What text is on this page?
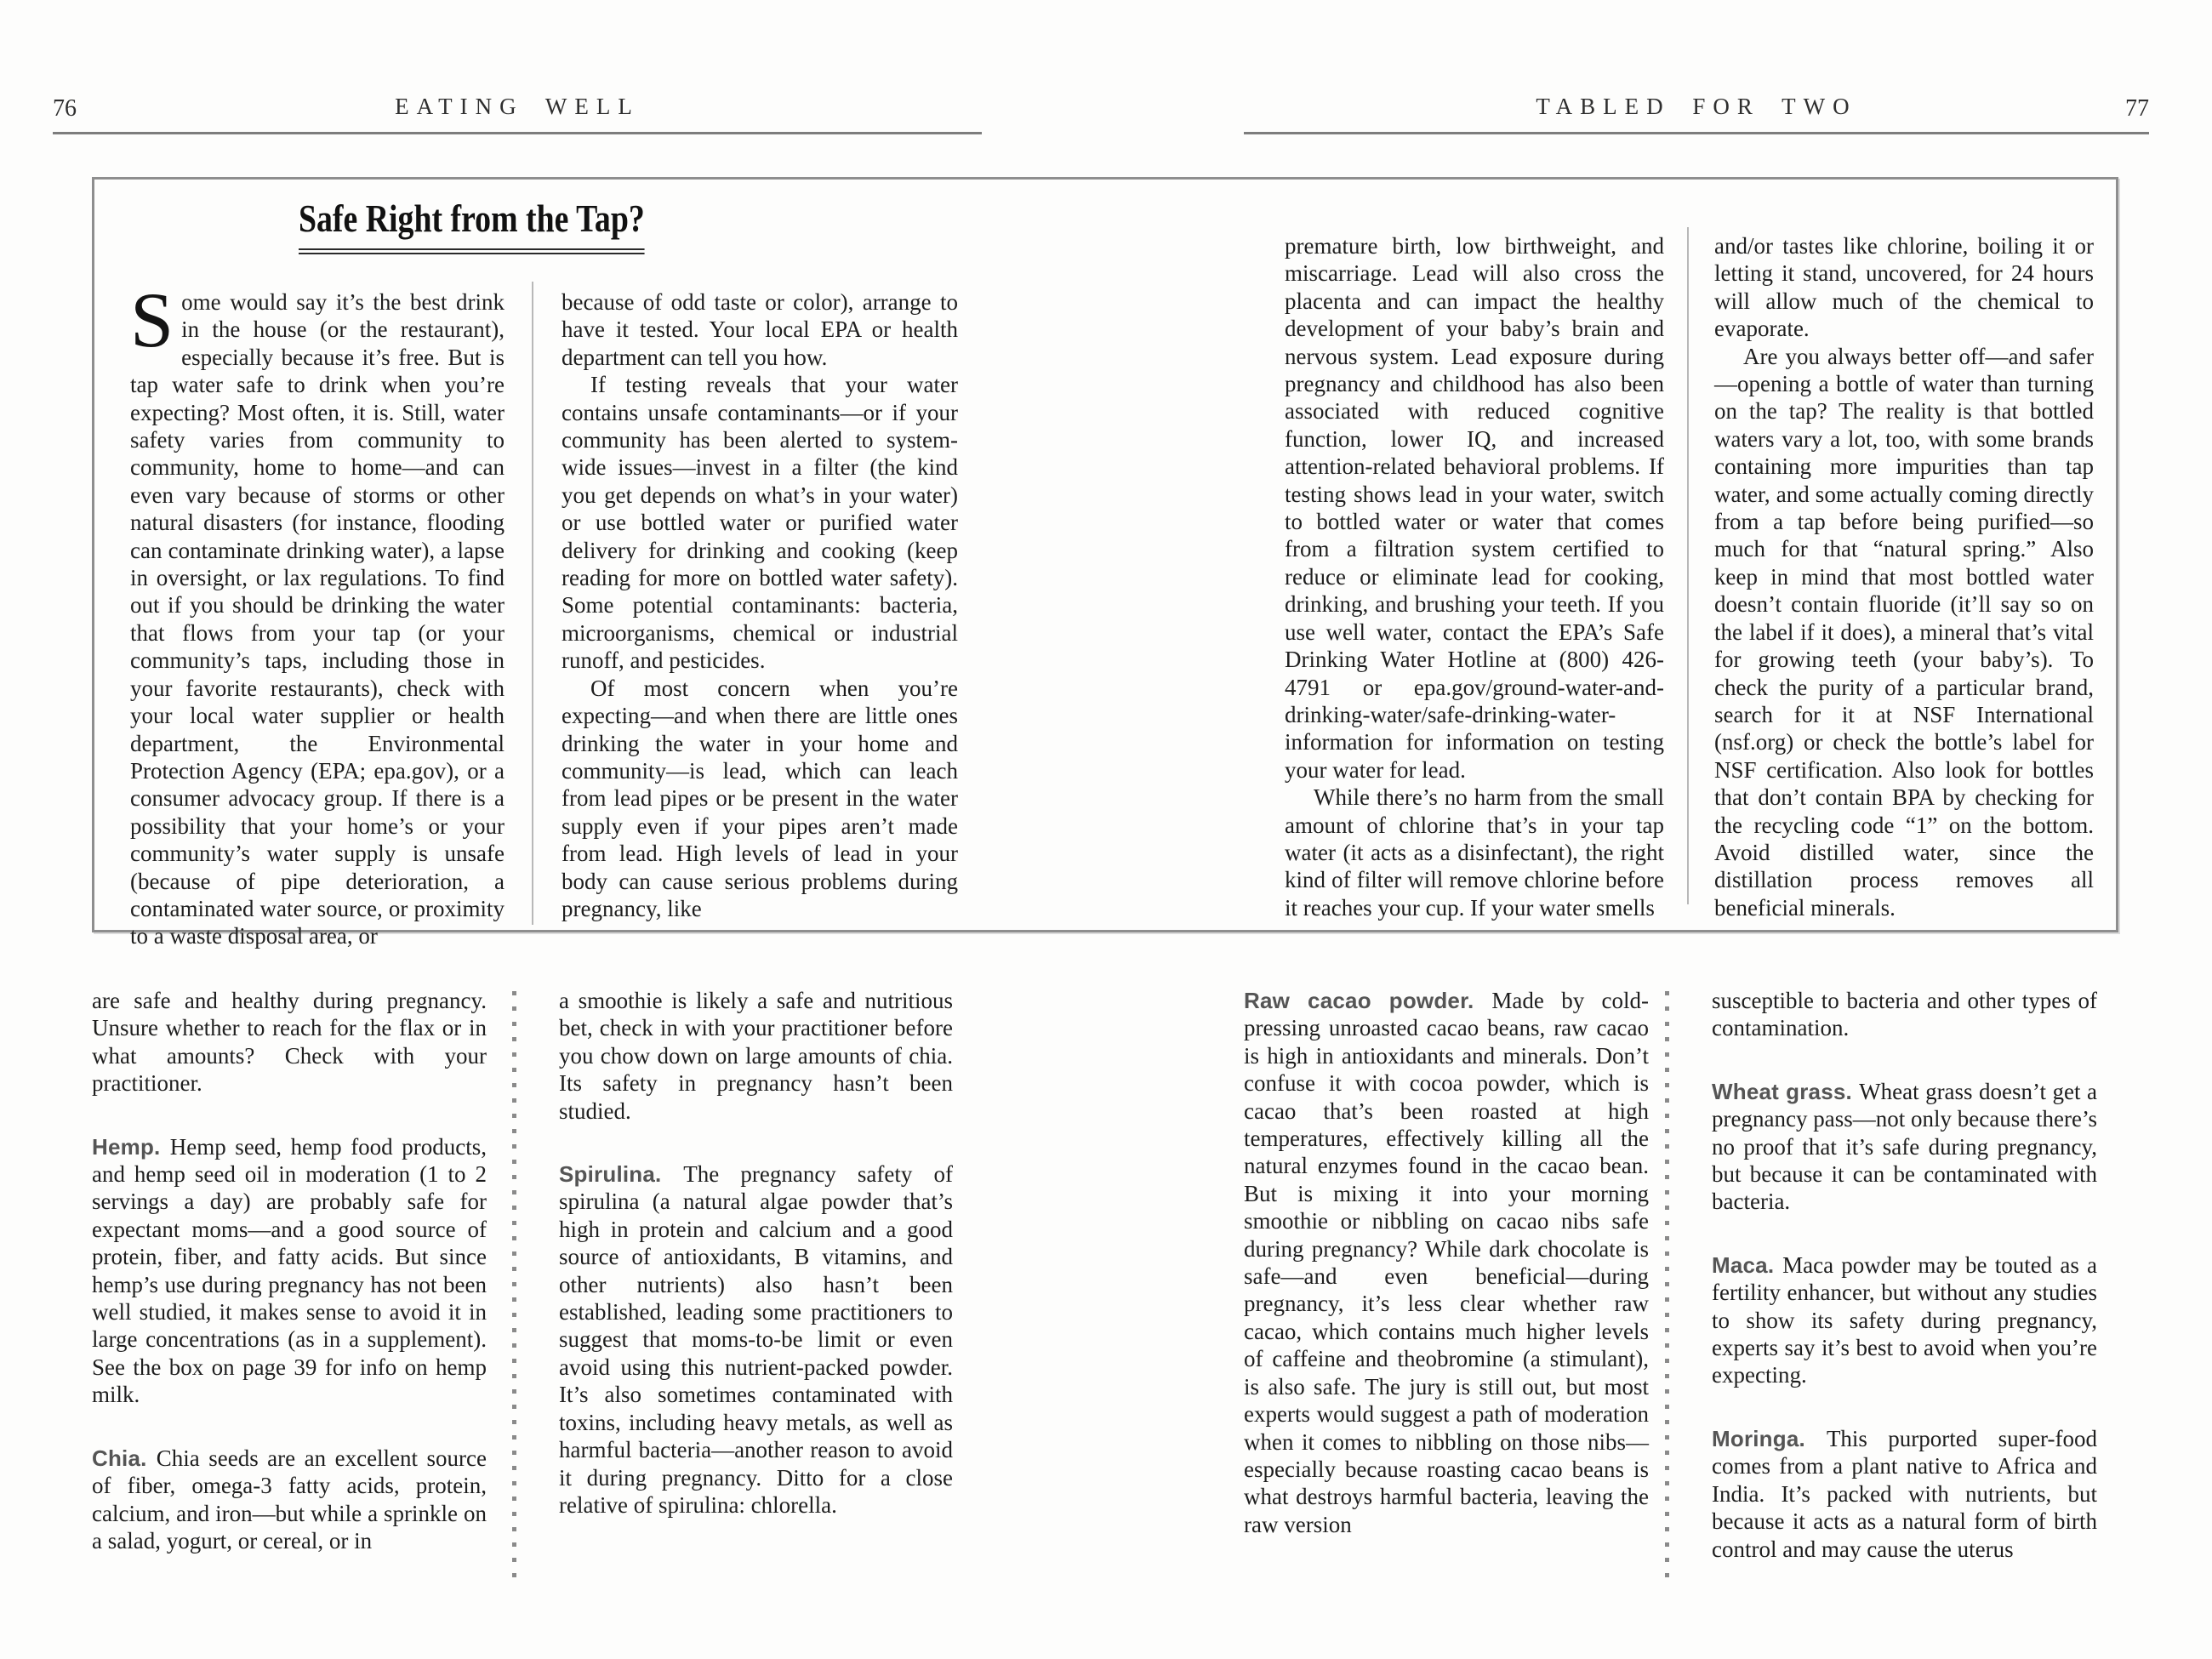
76	EATING WELL	TABLED FOR TWO	77
Safe Right from the Tap?

Some would say it’s the best drink in the house (or the restaurant), especially because it’s free. But is tap water safe to drink when you’re expecting? Most often, it is. Still, water safety varies from community to community, home to home—and can even vary because of storms or other natural disasters (for instance, flooding can contaminate drinking water), a lapse in oversight, or lax regulations. To find out if you should be drinking the water that flows from your tap (or your community’s taps, including those in your favorite restaurants), check with your local water supplier or health department, the Environmental Protection Agency (EPA; epa.gov), or a consumer advocacy group. If there is a possibility that your home’s or your community’s water supply is unsafe (because of pipe deterioration, a contaminated water source, or proximity to a waste disposal area, or

because of odd taste or color), arrange to have it tested. Your local EPA or health department can tell you how.

If testing reveals that your water contains unsafe contaminants—or if your community has been alerted to system-wide issues—invest in a filter (the kind you get depends on what’s in your water) or use bottled water or purified water delivery for drinking and cooking (keep reading for more on bottled water safety). Some potential contaminants: bacteria, microorganisms, chemical or industrial runoff, and pesticides.

Of most concern when you’re expecting—and when there are little ones drinking the water in your home and community—is lead, which can leach from lead pipes or be present in the water supply even if your pipes aren’t made from lead. High levels of lead in your body can cause serious problems during pregnancy, like

premature birth, low birthweight, and miscarriage. Lead will also cross the placenta and can impact the healthy development of your baby’s brain and nervous system. Lead exposure during pregnancy and childhood has also been associated with reduced cognitive function, lower IQ, and increased attention-related behavioral problems. If testing shows lead in your water, switch to bottled water or water that comes from a filtration system certified to reduce or eliminate lead for cooking, drinking, and brushing your teeth. If you use well water, contact the EPA’s Safe Drinking Water Hotline at (800) 426-4791 or epa.gov/ground-water-and-drinking-water/safe-drinking-water-information for information on testing your water for lead.

While there’s no harm from the small amount of chlorine that’s in your tap water (it acts as a disinfectant), the right kind of filter will remove chlorine before it reaches your cup. If your water smells

and/or tastes like chlorine, boiling it or letting it stand, uncovered, for 24 hours will allow much of the chemical to evaporate.

Are you always better off—and safer—opening a bottle of water than turning on the tap? The reality is that bottled waters vary a lot, too, with some brands containing more impurities than tap water, and some actually coming directly from a tap before being purified—so much for that “natural spring.” Also keep in mind that most bottled water doesn’t contain fluoride (it’ll say so on the label if it does), a mineral that’s vital for growing teeth (your baby’s). To check the purity of a particular brand, search for it at NSF International (nsf.org) or check the bottle’s label for NSF certification. Also look for bottles that don’t contain BPA by checking for the recycling code “1” on the bottom. Avoid distilled water, since the distillation process removes all beneficial minerals.

are safe and healthy during pregnancy. Unsure whether to reach for the flax or in what amounts? Check with your practitioner.

Hemp. Hemp seed, hemp food products, and hemp seed oil in moderation (1 to 2 servings a day) are probably safe for expectant moms—and a good source of protein, fiber, and fatty acids. But since hemp’s use during pregnancy has not been well studied, it makes sense to avoid it in large concentrations (as in a supplement). See the box on page 39 for info on hemp milk.

Chia. Chia seeds are an excellent source of fiber, omega-3 fatty acids, protein, calcium, and iron—but while a sprinkle on a salad, yogurt, or cereal, or in

a smoothie is likely a safe and nutritious bet, check in with your practitioner before you chow down on large amounts of chia. Its safety in pregnancy hasn’t been studied.

Spirulina. The pregnancy safety of spirulina (a natural algae powder that’s high in protein and calcium and a good source of antioxidants, B vitamins, and other nutrients) also hasn’t been established, leading some practitioners to suggest that moms-to-be limit or even avoid using this nutrient-packed powder. It’s also sometimes contaminated with toxins, including heavy metals, as well as harmful bacteria—another reason to avoid it during pregnancy. Ditto for a close relative of spirulina: chlorella.

Raw cacao powder. Made by cold-pressing unroasted cacao beans, raw cacao is high in antioxidants and minerals. Don’t confuse it with cocoa powder, which is cacao that’s been roasted at high temperatures, effectively killing all the natural enzymes found in the cacao bean. But is mixing it into your morning smoothie or nibbling on cacao nibs safe during pregnancy? While dark chocolate is safe—and even beneficial—during pregnancy, it’s less clear whether raw cacao, which contains much higher levels of caffeine and theobromine (a stimulant), is also safe. The jury is still out, but most experts would suggest a path of moderation when it comes to nibbling on those nibs—especially because roasting cacao beans is what destroys harmful bacteria, leaving the raw version

susceptible to bacteria and other types of contamination.

Wheat grass. Wheat grass doesn’t get a pregnancy pass—not only because there’s no proof that it’s safe during pregnancy, but because it can be contaminated with bacteria.

Maca. Maca powder may be touted as a fertility enhancer, but without any studies to show its safety during pregnancy, experts say it’s best to avoid when you’re expecting.

Moringa. This purported super-food comes from a plant native to Africa and India. It’s packed with nutrients, but because it acts as a natural form of birth control and may cause the uterus
